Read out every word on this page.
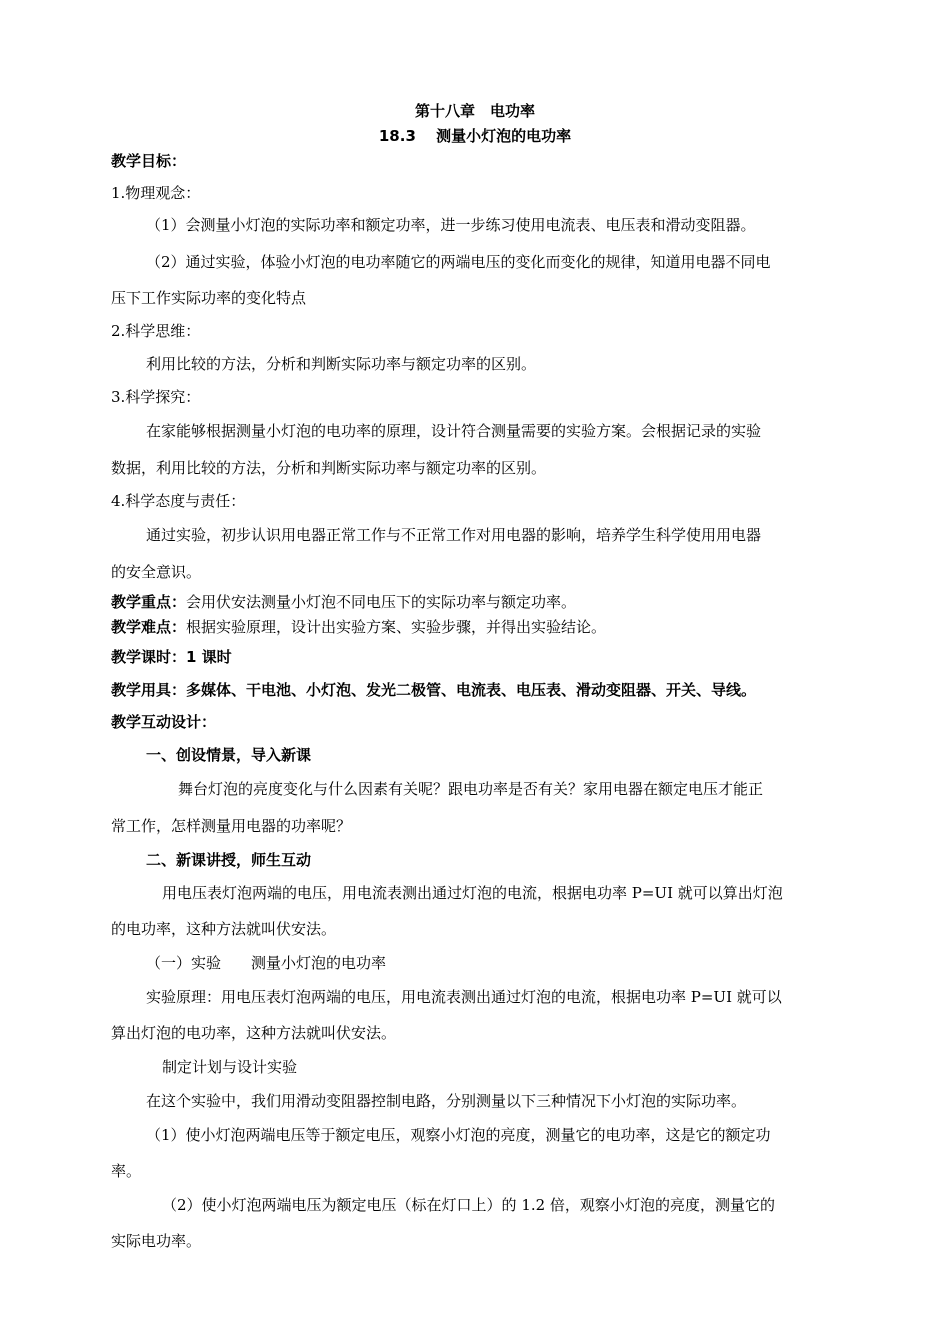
第十八章　电功率
18.3　 测量小灯泡的电功率
教学目标：
1.物理观念：
（1）会测量小灯泡的实际功率和额定功率，进一步练习使用电流表、电压表和滑动变阻器。
（2）通过实验，体验小灯泡的电功率随它的两端电压的变化而变化的规律，知道用电器不同电
压下工作实际功率的变化特点
2.科学思维：
利用比较的方法，分析和判断实际功率与额定功率的区别。
3.科学探究：
在家能够根据测量小灯泡的电功率的原理，设计符合测量需要的实验方案。会根据记录的实验
数据，利用比较的方法，分析和判断实际功率与额定功率的区别。
4.科学态度与责任：
通过实验，初步认识用电器正常工作与不正常工作对用电器的影响，培养学生科学使用用电器
的安全意识。
教学重点：会用伏安法测量小灯泡不同电压下的实际功率与额定功率。
教学难点：根据实验原理，设计出实验方案、实验步骤，并得出实验结论。
教学课时：1 课时
教学用具：多媒体、干电池、小灯泡、发光二极管、电流表、电压表、滑动变阻器、开关、导线。
教学互动设计：
一、创设情景，导入新课
舞台灯泡的亮度变化与什么因素有关呢？跟电功率是否有关？家用电器在额定电压才能正
常工作，怎样测量用电器的功率呢？
二、新课讲授，师生互动
用电压表灯泡两端的电压，用电流表测出通过灯泡的电流，根据电功率 P=UI 就可以算出灯泡
的电功率，这种方法就叫伏安法。
（一）实验　　测量小灯泡的电功率
实验原理：用电压表灯泡两端的电压，用电流表测出通过灯泡的电流，根据电功率 P=UI 就可以
算出灯泡的电功率，这种方法就叫伏安法。
制定计划与设计实验
在这个实验中，我们用滑动变阻器控制电路，分别测量以下三种情况下小灯泡的实际功率。
（1）使小灯泡两端电压等于额定电压，观察小灯泡的亮度，测量它的电功率，这是它的额定功
率。
（2）使小灯泡两端电压为额定电压（标在灯口上）的 1.2 倍，观察小灯泡的亮度，测量它的
实际电功率。
